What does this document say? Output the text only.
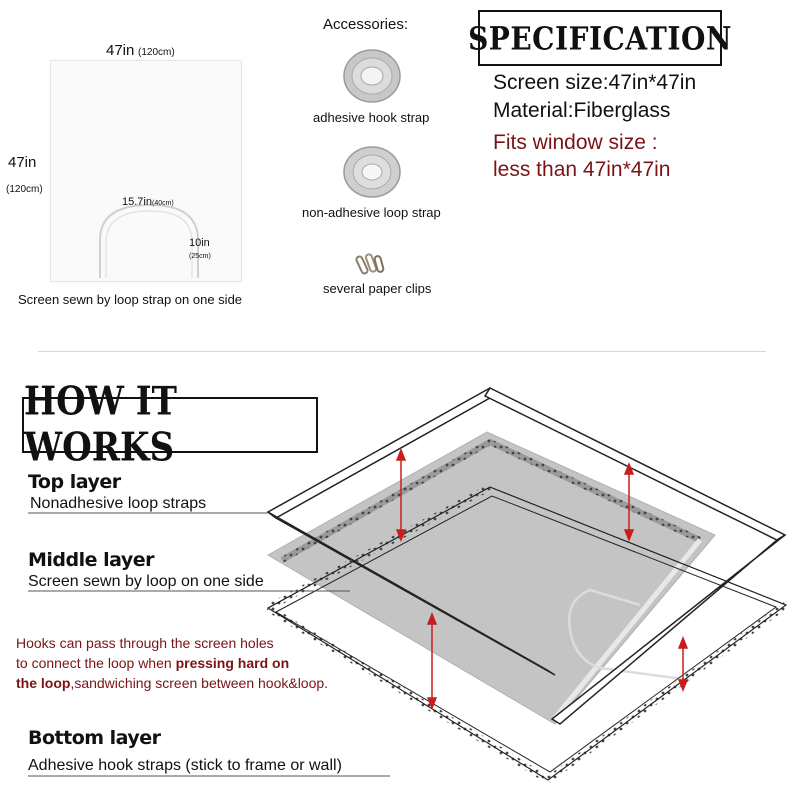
47in (120cm)
47in
(120cm)
15.7in(40cm)
10in
(25cm)
Screen sewn by loop strap on one side
Accessories:
adhesive hook strap
non-adhesive loop strap
several paper clips
SPECIFICATION
Screen size:47in*47in
Material:Fiberglass
Fits window size :
less than 47in*47in
HOW IT WORKS
Top layer
Nonadhesive loop straps
Middle layer
Screen sewn by loop on one side
Hooks can pass through the screen holes
to connect the loop when pressing hard on
the loop,sandwiching screen between hook&loop.
Bottom layer
Adhesive hook straps (stick to frame or wall)
